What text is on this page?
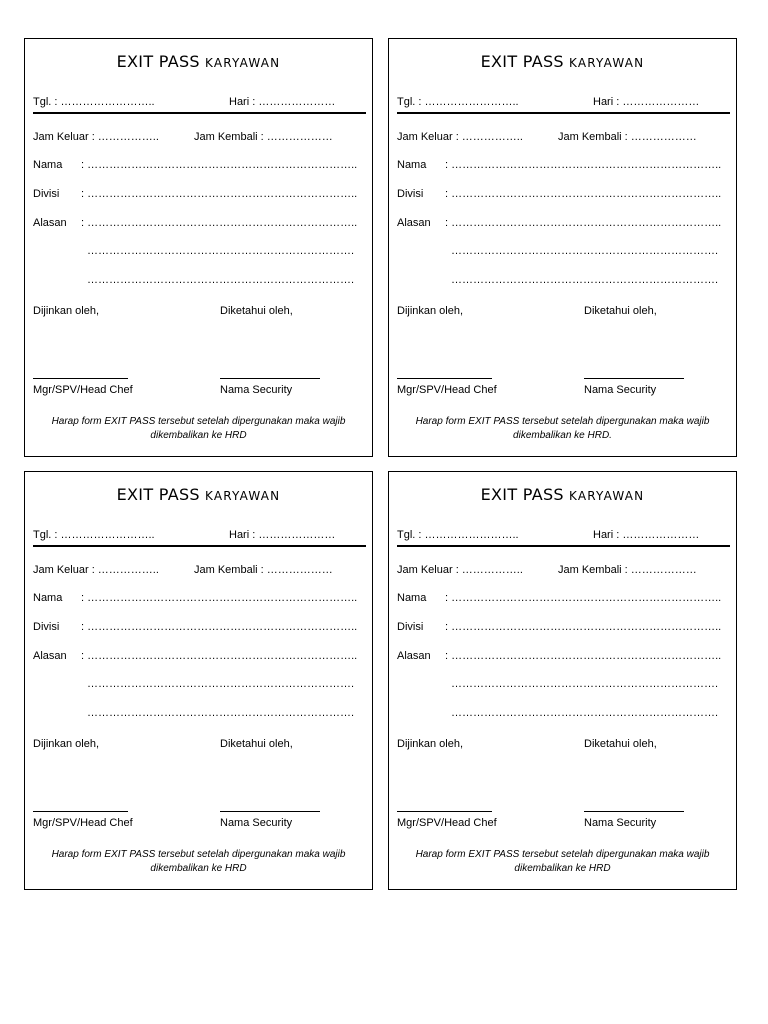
EXIT PASS KARYAWAN
Tgl. : ……………………..	Hari : …………………
Jam Keluar : ……………..	Jam Kembali : ………………
Nama : ………………………………………………………………..
Divisi : ………………………………………………………………..
Alasan : ………………………………………………………………..
……………………………………………………………….
……………………………………………………………….
Dijinkan oleh,	Diketahui oleh,
Mgr/SPV/Head Chef	Nama Security
Harap form EXIT PASS tersebut setelah dipergunakan maka wajib
dikembalikan ke HRD
EXIT PASS KARYAWAN
Tgl. : ……………………..	Hari : …………………
Jam Keluar : ……………..	Jam Kembali : ………………
Nama : ………………………………………………………………..
Divisi : ………………………………………………………………..
Alasan : ………………………………………………………………..
……………………………………………………………….
……………………………………………………………….
Dijinkan oleh,	Diketahui oleh,
Mgr/SPV/Head Chef	Nama Security
Harap form EXIT PASS tersebut setelah dipergunakan maka wajib
dikembalikan ke HRD.
EXIT PASS KARYAWAN
Tgl. : ……………………..	Hari : …………………
Jam Keluar : ……………..	Jam Kembali : ………………
Nama : ………………………………………………………………..
Divisi : ………………………………………………………………..
Alasan : ………………………………………………………………..
……………………………………………………………….
……………………………………………………………….
Dijinkan oleh,	Diketahui oleh,
Mgr/SPV/Head Chef	Nama Security
Harap form EXIT PASS tersebut setelah dipergunakan maka wajib
dikembalikan ke HRD
EXIT PASS KARYAWAN
Tgl. : ……………………..	Hari : …………………
Jam Keluar : ……………..	Jam Kembali : ………………
Nama : ………………………………………………………………..
Divisi : ………………………………………………………………..
Alasan : ………………………………………………………………..
……………………………………………………………….
……………………………………………………………….
Dijinkan oleh,	Diketahui oleh,
Mgr/SPV/Head Chef	Nama Security
Harap form EXIT PASS tersebut setelah dipergunakan maka wajib
dikembalikan ke HRD
